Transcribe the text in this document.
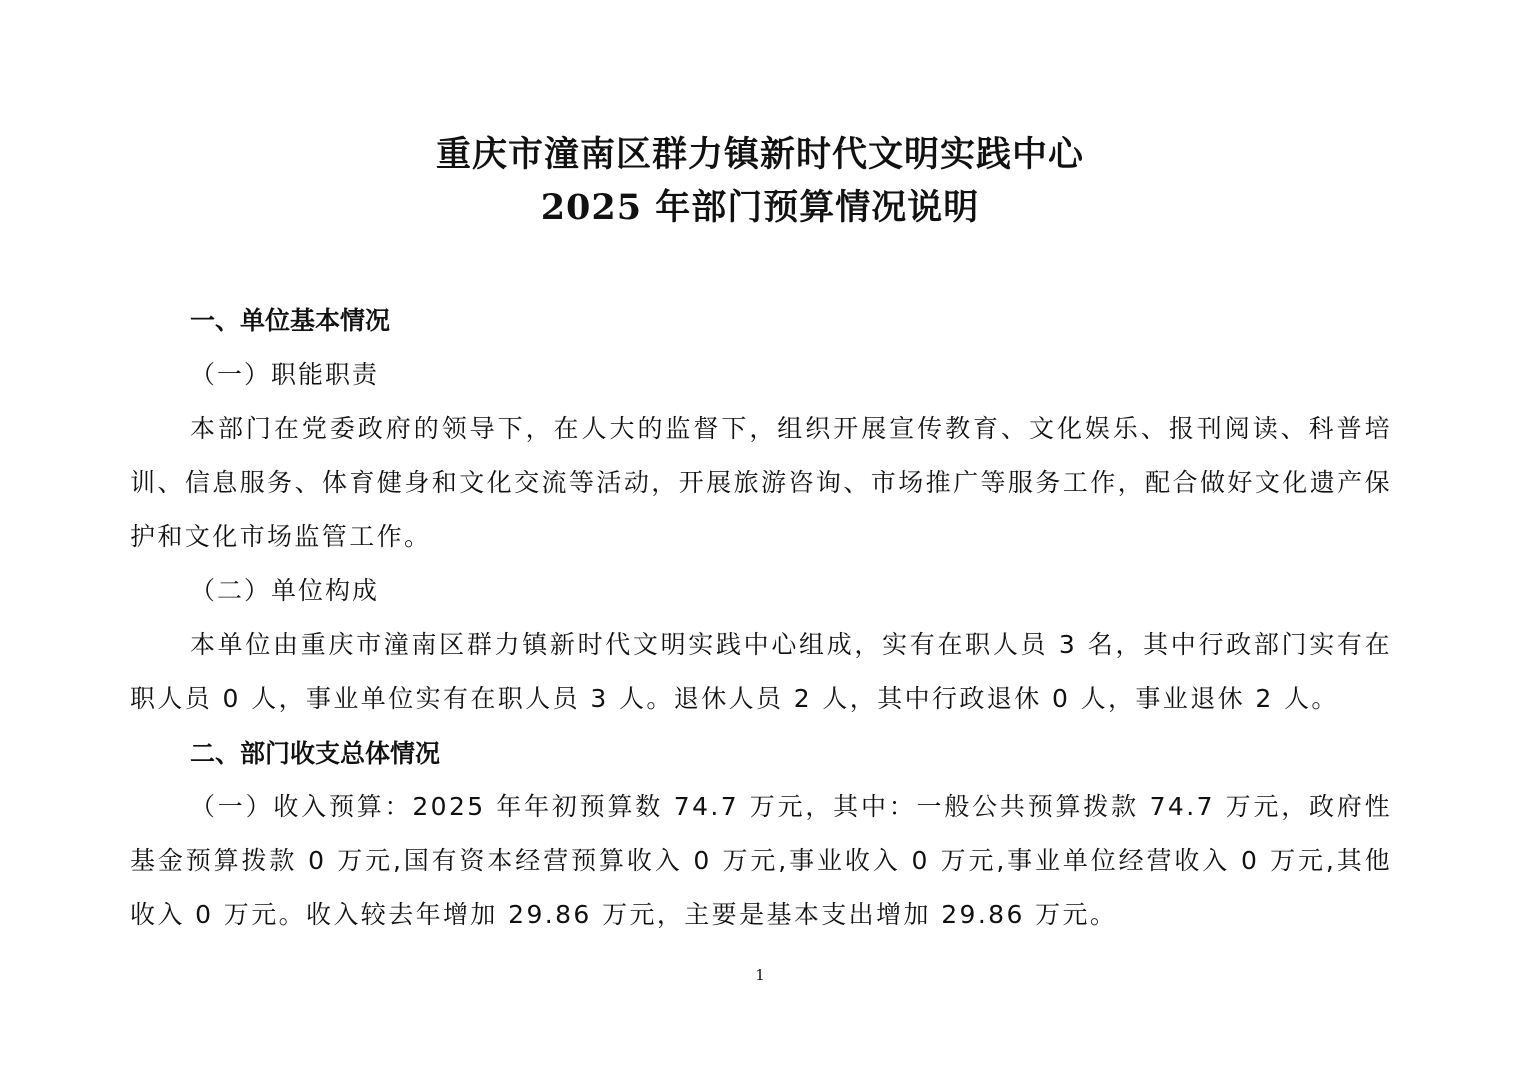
重庆市潼南区群力镇新时代文明实践中心
2025 年部门预算情况说明
一、单位基本情况
（一）职能职责
本部门在党委政府的领导下，在人大的监督下，组织开展宣传教育、文化娱乐、报刊阅读、科普培训、信息服务、体育健身和文化交流等活动，开展旅游咨询、市场推广等服务工作，配合做好文化遗产保护和文化市场监管工作。
（二）单位构成
本单位由重庆市潼南区群力镇新时代文明实践中心组成，实有在职人员 3 名，其中行政部门实有在职人员 0 人，事业单位实有在职人员 3 人。退休人员 2 人，其中行政退休 0 人，事业退休 2 人。
二、部门收支总体情况
（一）收入预算：2025 年年初预算数 74.7 万元，其中：一般公共预算拨款 74.7 万元，政府性基金预算拨款 0 万元,国有资本经营预算收入 0 万元,事业收入 0 万元,事业单位经营收入 0 万元,其他收入 0 万元。收入较去年增加 29.86 万元，主要是基本支出增加 29.86 万元。
1
